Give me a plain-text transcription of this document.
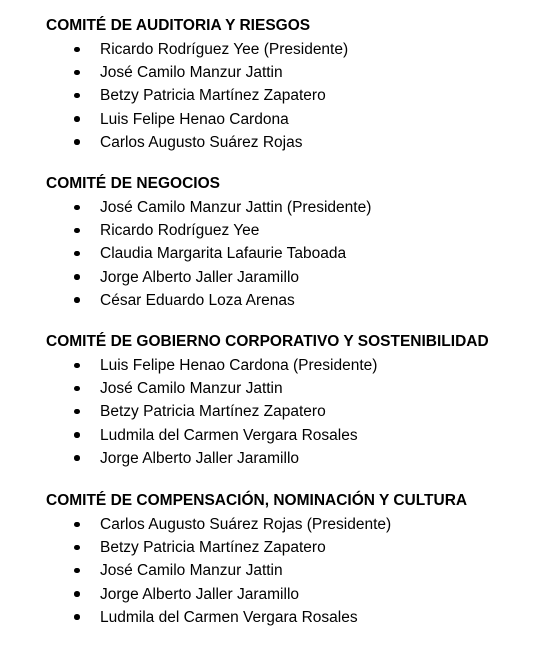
COMITÉ DE AUDITORIA Y RIESGOS
Ricardo Rodríguez Yee (Presidente)
José Camilo Manzur Jattin
Betzy Patricia Martínez Zapatero
Luis Felipe Henao Cardona
Carlos Augusto Suárez Rojas
COMITÉ DE NEGOCIOS
José Camilo Manzur Jattin (Presidente)
Ricardo Rodríguez Yee
Claudia Margarita Lafaurie Taboada
Jorge Alberto Jaller Jaramillo
César Eduardo Loza Arenas
COMITÉ DE GOBIERNO CORPORATIVO Y SOSTENIBILIDAD
Luis Felipe Henao Cardona (Presidente)
José Camilo Manzur Jattin
Betzy Patricia Martínez Zapatero
Ludmila del Carmen Vergara Rosales
Jorge Alberto Jaller Jaramillo
COMITÉ DE COMPENSACIÓN, NOMINACIÓN Y CULTURA
Carlos Augusto Suárez Rojas (Presidente)
Betzy Patricia Martínez Zapatero
José Camilo Manzur Jattin
Jorge Alberto Jaller Jaramillo
Ludmila del Carmen Vergara Rosales
